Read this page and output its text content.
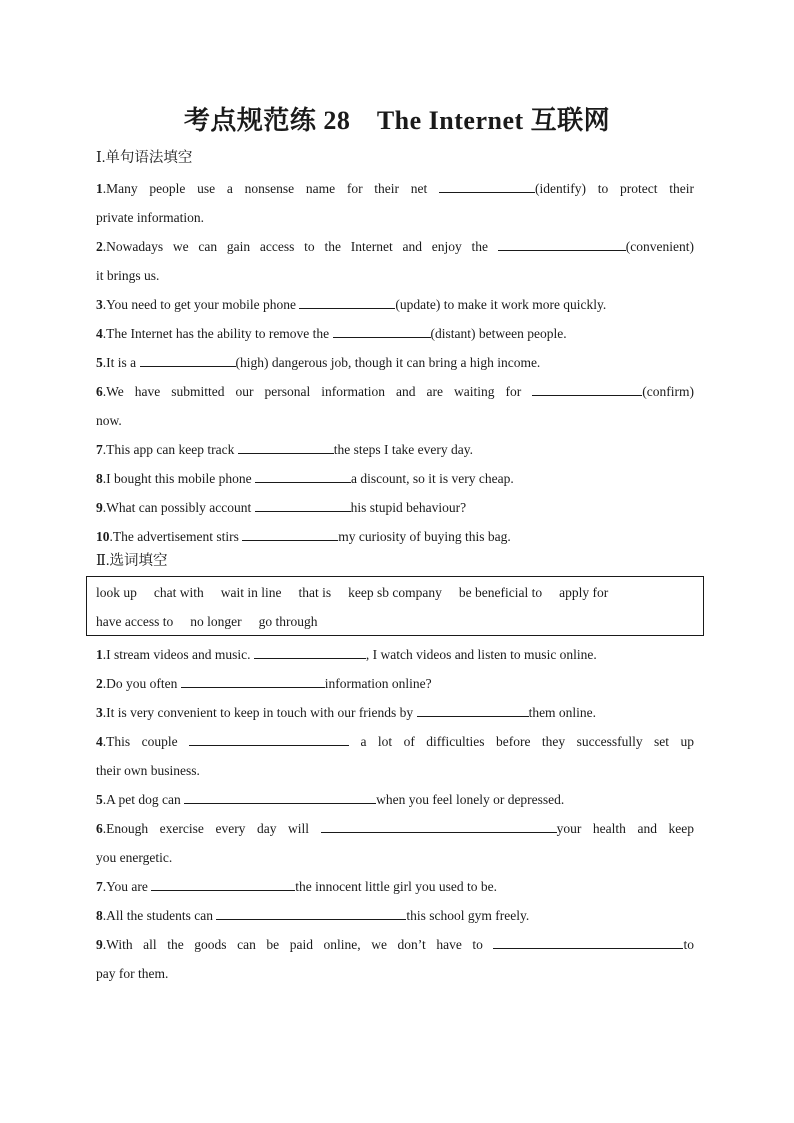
考点规范练 28　The Internet 互联网
Ⅰ.单句语法填空
1.Many people use a nonsense name for their net	(identify) to protect their
private information.
2.Nowadays we can gain access to the Internet and enjoy the	(convenient)
it brings us.
3.You need to get your mobile phone	(update) to make it work more quickly.
4.The Internet has the ability to remove the	(distant) between people.
5.It is a	(high) dangerous job, though it can bring a high income.
6.We have submitted our personal information and are waiting for	(confirm)
now.
7.This app can keep track	the steps I take every day.
8.I bought this mobile phone	a discount, so it is very cheap.
9.What can possibly account	his stupid behaviour?
10.The advertisement stirs	my curiosity of buying this bag.
Ⅱ.选词填空
look up chat with wait in line that is keep sb company be beneficial to apply for
have access to no longer go through
1.I stream videos and music.	, I watch videos and listen to music online.
2.Do you often	information online?
3.It is very convenient to keep in touch with our friends by	them online.
4.This couple	a lot of difficulties before they successfully set up
their own business.
5.A pet dog can	when you feel lonely or depressed.
6.Enough exercise every day will	your health and keep
you energetic.
7.You are	the innocent little girl you used to be.
8.All the students can	this school gym freely.
9.With all the goods can be paid online, we don’t have to	to
pay for them.
